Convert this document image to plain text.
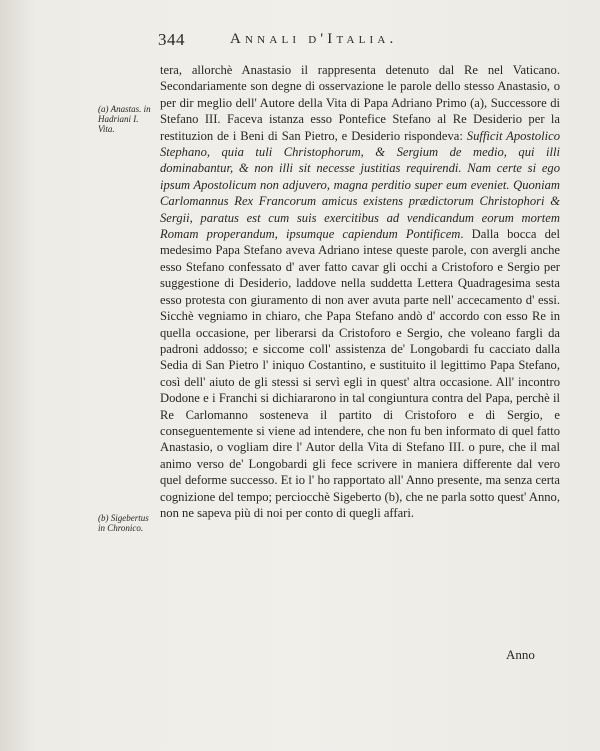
344	Annali d'Italia.
(a) Anastas. in Hadriani I. Vita.
(b) Sigebertus in Chronico.

tera, allorchè Anastasio il rappresenta detenuto dal Re nel Vaticano. Secondariamente son degne di osservazione le parole dello stesso Anastasio, o per dir meglio dell' Autore della Vita di Papa Adriano Primo (a), Successore di Stefano III. Faceva istanza esso Pontefice Stefano al Re Desiderio per la restituzion de i Beni di San Pietro, e Desiderio rispondeva: Sufficit Apostolico Stephano, quia tuli Christophorum, & Sergium de medio, qui illi dominabantur, & non illi sit necesse justitias requirendi. Nam certe si ego ipsum Apostolicum non adjuvero, magna perditio super eum eveniet. Quoniam Carlomannus Rex Francorum amicus existens prædictorum Christophori & Sergii, paratus est cum suis exercitibus ad vendicandum eorum mortem Romam properandum, ipsumque capiendum Pontificem. Dalla bocca del medesimo Papa Stefano aveva Adriano intese queste parole, con avergli anche esso Stefano confessato d' aver fatto cavar gli occhi a Cristoforo e Sergio per suggestione di Desiderio, laddove nella suddetta Lettera Quadragesima sesta esso protesta con giuramento di non aver avuta parte nell' accecamento d' essi. Sicchè vegniamo in chiaro, che Papa Stefano andò d' accordo con esso Re in quella occasione, per liberarsi da Cristoforo e Sergio, che voleano fargli da padroni addosso; e siccome coll' assistenza de' Longobardi fu cacciato dalla Sedia di San Pietro l' iniquo Costantino, e sustituito il legittimo Papa Stefano, così dell' aiuto de gli stessi si servì egli in quest' altra occasione. All' incontro Dodone e i Franchi si dichiararono in tal congiuntura contra del Papa, perchè il Re Carlomanno sosteneva il partito di Cristoforo e di Sergio, e conseguentemente si viene ad intendere, che non fu ben informato di quel fatto Anastasio, o vogliam dire l' Autor della Vita di Stefano III. o pure, che il mal animo verso de' Longobardi gli fece scrivere in maniera differente dal vero quel deforme successo. Et io l' ho rapportato all' Anno presente, ma senza certa cognizione del tempo; perciocchè Sigeberto (b), che ne parla sotto quest' Anno, non ne sapeva più di noi per conto di quegli affari.

Anno
